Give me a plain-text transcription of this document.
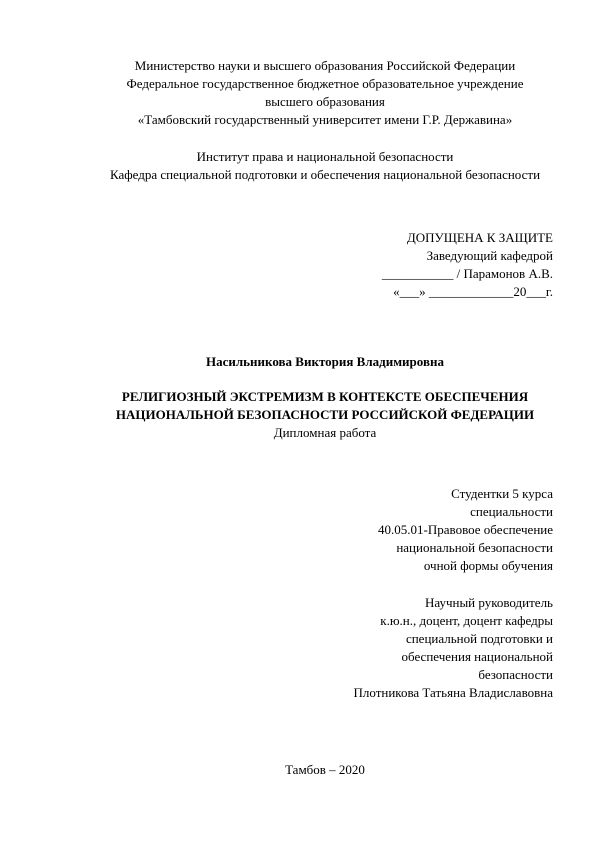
Министерство науки и высшего образования Российской Федерации
Федеральное государственное бюджетное образовательное учреждение
высшего образования
«Тамбовский государственный университет имени Г.Р. Державина»
Институт права и национальной безопасности
Кафедра специальной подготовки и обеспечения национальной безопасности
ДОПУЩЕНА К ЗАЩИТЕ
Заведующий кафедрой
___________ / Парамонов А.В.
«___» _____________20___г.
Насильникова Виктория Владимировна
РЕЛИГИОЗНЫЙ ЭКСТРЕМИЗМ В КОНТЕКСТЕ ОБЕСПЕЧЕНИЯ
НАЦИОНАЛЬНОЙ БЕЗОПАСНОСТИ РОССИЙСКОЙ ФЕДЕРАЦИИ
Дипломная работа
Студентки 5 курса
специальности
40.05.01-Правовое обеспечение
национальной безопасности
очной формы обучения
Научный руководитель
к.ю.н., доцент, доцент кафедры
специальной подготовки и
обеспечения национальной
безопасности
Плотникова Татьяна Владиславовна
Тамбов – 2020
